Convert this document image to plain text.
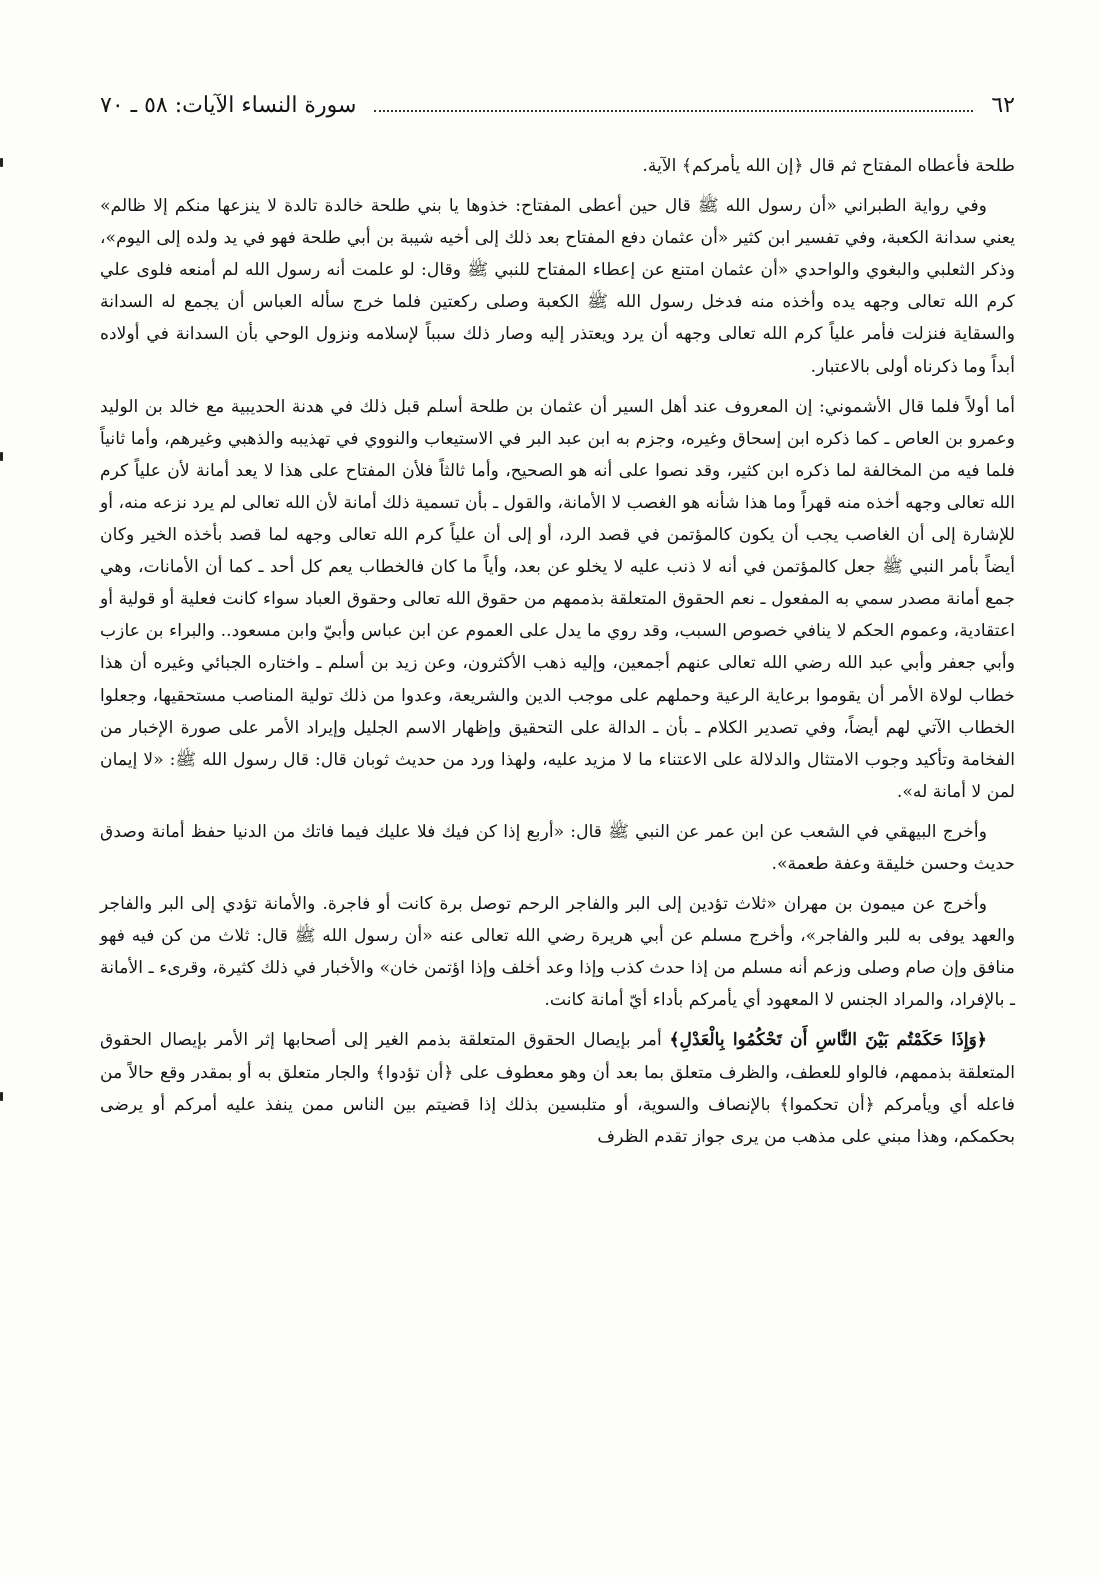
٦٢
سورة النساء الآيات: ٥٨ ـ ٧٠

طلحة فأعطاه المفتاح ثم قال ﴿إن الله يأمركم﴾ الآية.

وفي رواية الطبراني «أن رسول الله ﷺ قال حين أعطى المفتاح: خذوها يا بني طلحة خالدة تالدة لا ينزعها منكم إلا ظالم» يعني سدانة الكعبة، وفي تفسير ابن كثير «أن عثمان دفع المفتاح بعد ذلك إلى أخيه شيبة بن أبي طلحة فهو في يد ولده إلى اليوم»، وذكر الثعلبي والبغوي والواحدي «أن عثمان امتنع عن إعطاء المفتاح للنبي ﷺ وقال: لو علمت أنه رسول الله لم أمنعه فلوى علي كرم الله تعالى وجهه يده وأخذه منه فدخل رسول الله ﷺ الكعبة وصلى ركعتين فلما خرج سأله العباس أن يجمع له السدانة والسقاية فنزلت فأمر علياً كرم الله تعالى وجهه أن يرد ويعتذر إليه وصار ذلك سبباً لإسلامه ونزول الوحي بأن السدانة في أولاده أبداً وما ذكرناه أولى بالاعتبار.

أما أولاً فلما قال الأشموني: إن المعروف عند أهل السير أن عثمان بن طلحة أسلم قبل ذلك في هدنة الحديبية مع خالد بن الوليد وعمرو بن العاص ـ كما ذكره ابن إسحاق وغيره، وجزم به ابن عبد البر في الاستيعاب والنووي في تهذيبه والذهبي وغيرهم، وأما ثانياً فلما فيه من المخالفة لما ذكره ابن كثير، وقد نصوا على أنه هو الصحيح، وأما ثالثاً فلأن المفتاح على هذا لا يعد أمانة لأن علياً كرم الله تعالى وجهه أخذه منه قهراً وما هذا شأنه هو الغصب لا الأمانة، والقول ـ بأن تسمية ذلك أمانة لأن الله تعالى لم يرد نزعه منه، أو للإشارة إلى أن الغاصب يجب أن يكون كالمؤتمن في قصد الرد، أو إلى أن علياً كرم الله تعالى وجهه لما قصد بأخذه الخير وكان أيضاً بأمر النبي ﷺ جعل كالمؤتمن في أنه لا ذنب عليه لا يخلو عن بعد، وأياً ما كان فالخطاب يعم كل أحد ـ كما أن الأمانات، وهي جمع أمانة مصدر سمي به المفعول ـ نعم الحقوق المتعلقة بذممهم من حقوق الله تعالى وحقوق العباد سواء كانت فعلية أو قولية أو اعتقادية، وعموم الحكم لا ينافي خصوص السبب، وقد روي ما يدل على العموم عن ابن عباس وأبيّ وابن مسعود.. والبراء بن عازب وأبي جعفر وأبي عبد الله رضي الله تعالى عنهم أجمعين، وإليه ذهب الأكثرون، وعن زيد بن أسلم ـ واختاره الجبائي وغيره أن هذا خطاب لولاة الأمر أن يقوموا برعاية الرعية وحملهم على موجب الدين والشريعة، وعدوا من ذلك تولية المناصب مستحقيها، وجعلوا الخطاب الآتي لهم أيضاً، وفي تصدير الكلام ـ بأن ـ الدالة على التحقيق وإظهار الاسم الجليل وإيراد الأمر على صورة الإخبار من الفخامة وتأكيد وجوب الامتثال والدلالة على الاعتناء ما لا مزيد عليه، ولهذا ورد من حديث ثوبان قال: قال رسول الله ﷺ: «لا إيمان لمن لا أمانة له».

وأخرج البيهقي في الشعب عن ابن عمر عن النبي ﷺ قال: «أربع إذا كن فيك فلا عليك فيما فاتك من الدنيا حفظ أمانة وصدق حديث وحسن خليقة وعفة طعمة».

وأخرج عن ميمون بن مهران «ثلاث تؤدين إلى البر والفاجر الرحم توصل برة كانت أو فاجرة. والأمانة تؤدي إلى البر والفاجر والعهد يوفى به للبر والفاجر»، وأخرج مسلم عن أبي هريرة رضي الله تعالى عنه «أن رسول الله ﷺ قال: ثلاث من كن فيه فهو منافق وإن صام وصلى وزعم أنه مسلم من إذا حدث كذب وإذا وعد أخلف وإذا اؤتمن خان» والأخبار في ذلك كثيرة، وقرىء ـ الأمانة ـ بالإفراد، والمراد الجنس لا المعهود أي يأمركم بأداء أيّ أمانة كانت.

﴿وَإِذَا حَكَمْتُم بَيْنَ النَّاسِ أَن تَحْكُمُوا بِالْعَدْلِ﴾ أمر بإيصال الحقوق المتعلقة بذمم الغير إلى أصحابها إثر الأمر بإيصال الحقوق المتعلقة بذممهم، فالواو للعطف، والظرف متعلق بما بعد أن وهو معطوف على ﴿أن تؤدوا﴾ والجار متعلق به أو بمقدر وقع حالاً من فاعله أي ويأمركم ﴿أن تحكموا﴾ بالإنصاف والسوية، أو متلبسين بذلك إذا قضيتم بين الناس ممن ينفذ عليه أمركم أو يرضى بحكمكم، وهذا مبني على مذهب من يرى جواز تقدم الظرف
